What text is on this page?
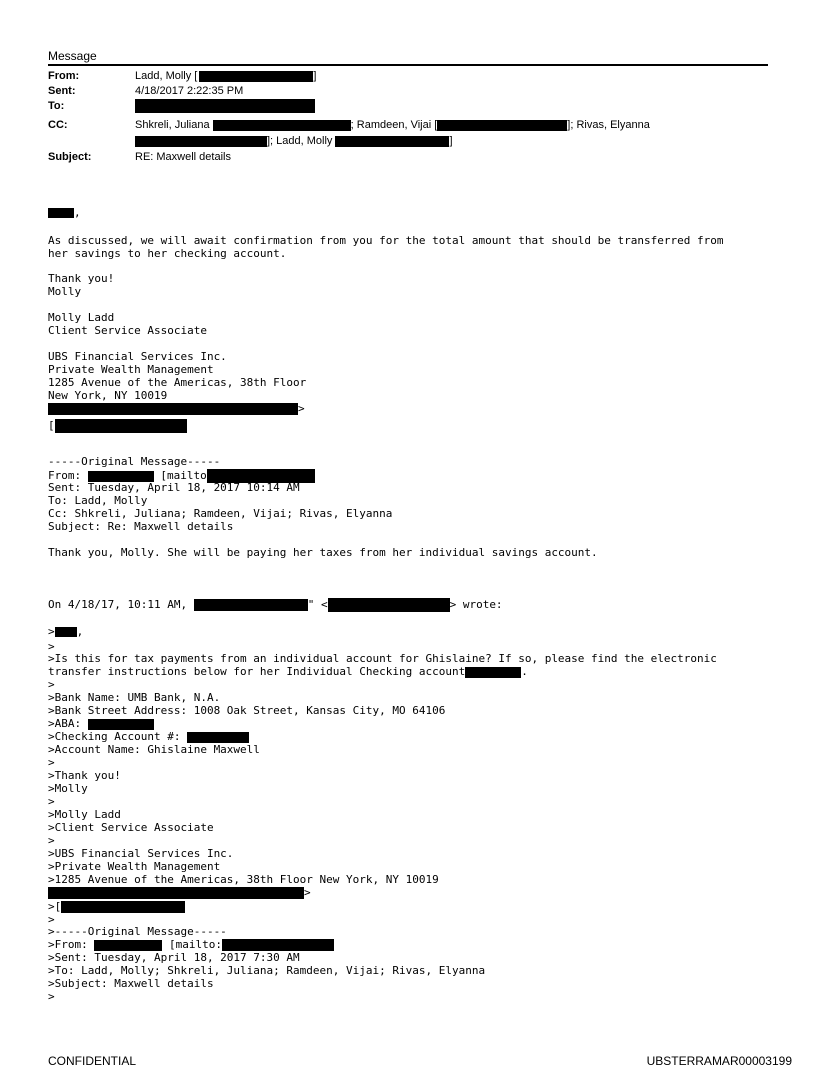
Message
From:	Ladd, Molly [	]
Sent:	4/18/2017 2:22:35 PM
To:
CC:	Shkreli, Juliana	; Ramdeen, Vijai [	]; Rivas, Elyanna
]; Ladd, Molly	]
Subject:	RE: Maxwell details
,
As discussed, we will await confirmation from you for the total amount that should be transferred from
her savings to her checking account.
Thank you!
Molly
Molly Ladd
Client Service Associate
UBS Financial Services Inc.
Private Wealth Management
1285 Avenue of the Americas, 38th Floor
New York, NY 10019
>
[
-----Original Message-----
From:	[mailto
Sent: Tuesday, April 18, 2017 10:14 AM
To: Ladd, Molly
Cc: Shkreli, Juliana; Ramdeen, Vijai; Rivas, Elyanna
Subject: Re: Maxwell details
Thank you, Molly. She will be paying her taxes from her individual savings account.
On 4/18/17, 10:11 AM,	" <	> wrote:
> ,
>
>Is this for tax payments from an individual account for Ghislaine? If so, please find the electronic
transfer instructions below for her Individual Checking account	.
>
>Bank Name: UMB Bank, N.A.
>Bank Street Address: 1008 Oak Street, Kansas City, MO 64106
>ABA:
>Checking Account #:
>Account Name: Ghislaine Maxwell
>
>Thank you!
>Molly
>
>Molly Ladd
>Client Service Associate
>
>UBS Financial Services Inc.
>Private Wealth Management
>1285 Avenue of the Americas, 38th Floor New York, NY 10019
>
>[
>
>-----Original Message-----
>From:	[mailto:
>Sent: Tuesday, April 18, 2017 7:30 AM
>To: Ladd, Molly; Shkreli, Juliana; Ramdeen, Vijai; Rivas, Elyanna
>Subject: Maxwell details
>
CONFIDENTIAL	UBSTERRAMAR00003199
